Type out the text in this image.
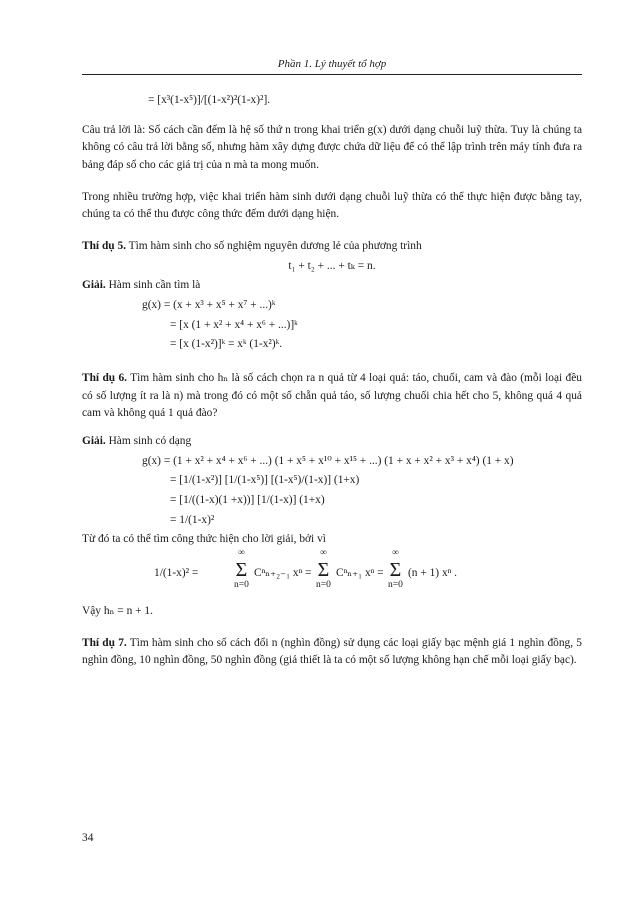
Phần 1. Lý thuyết tổ hợp
= [x³(1-x⁵)]/[(1-x²)²(1-x)²].

Câu trả lời là: Số cách cần đếm là hệ số thứ n trong khai triển g(x) dưới dạng chuỗi luỹ thừa. Tuy là chúng ta không có câu trả lời bằng số, nhưng hàm xây dựng được chứa dữ liệu để có thể lập trình trên máy tính đưa ra bảng đáp số cho các giá trị của n mà ta mong muốn.

Trong nhiều trường hợp, việc khai triển hàm sinh dưới dạng chuỗi luỹ thừa có thể thực hiện được bằng tay, chúng ta có thể thu được công thức đếm dưới dạng hiện.

Thí dụ 5. Tìm hàm sinh cho số nghiệm nguyên dương lẻ của phương trình

t₁ + t₂ + ... + tₖ = n.

Giải. Hàm sinh cần tìm là

g(x) = (x + x³ + x⁵ + x⁷ + ...)ᵏ
= [x (1 + x² + x⁴ + x⁶ + ...)]ᵏ
= [x (1-x²)]ᵏ = xᵏ (1-x²)ᵏ.

Thí dụ 6. Tìm hàm sinh cho hₙ là số cách chọn ra n quả từ 4 loại quả: táo, chuối, cam và đào (mỗi loại đều có số lượng ít ra là n) mà trong đó có một số chẵn quả táo, số lượng chuối chia hết cho 5, không quá 4 quả cam và không quá 1 quả đào?

Giải. Hàm sinh có dạng

g(x) = (1 + x² + x⁴ + x⁶ + ...) (1 + x⁵ + x¹⁰ + x¹⁵ + ...) (1 + x + x² + x³ + x⁴) (1 + x)
= [1/(1-x²)] [1/(1-x⁵)] [(1-x⁵)/(1-x)] (1+x)
= [1/((1-x)(1 +x))] [1/(1-x)] (1+x)
= 1/(1-x)²

Từ đó ta có thể tìm công thức hiện cho lời giải, bởi vì

1/(1-x)² =
∞
Σ
n=0
Cⁿₙ₊₂₋₁ xⁿ =
∞
Σ
n=0
Cⁿₙ₊₁ xⁿ =
∞
Σ
n=0
(n + 1) xⁿ .

Vậy hₙ = n + 1.

Thí dụ 7. Tìm hàm sinh cho số cách đổi n (nghìn đồng) sử dụng các loại giấy bạc mệnh giá 1 nghìn đồng, 5 nghìn đồng, 10 nghìn đồng, 50 nghìn đồng (giả thiết là ta có một số lượng không hạn chế mỗi loại giấy bạc).

34
